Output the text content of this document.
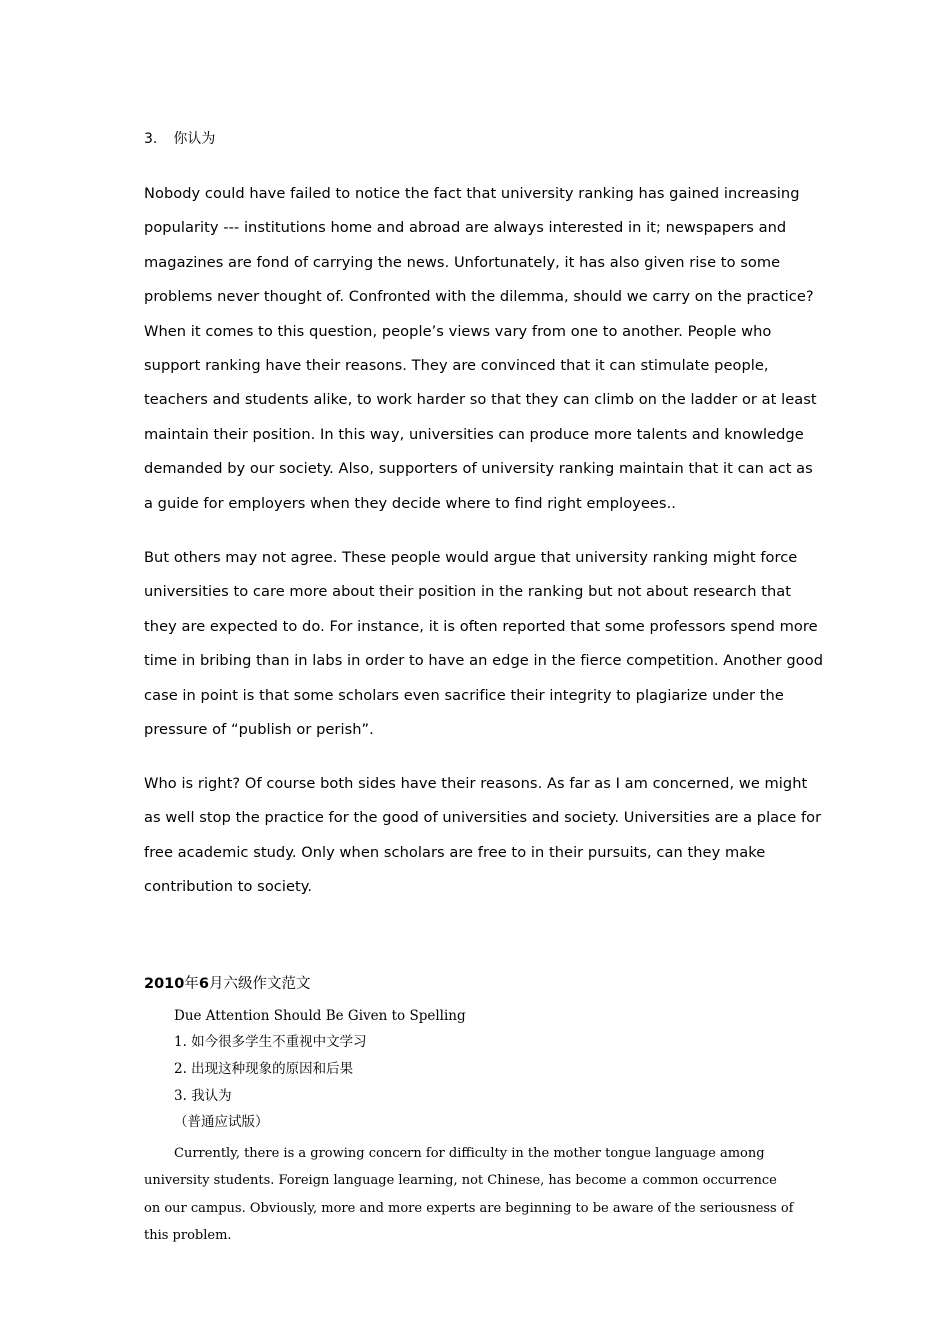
3. 你认为

Nobody could have failed to notice the fact that university ranking has gained increasing popularity --- institutions home and abroad are always interested in it; newspapers and magazines are fond of carrying the news. Unfortunately, it has also given rise to some problems never thought of. Confronted with the dilemma, should we carry on the practice? When it comes to this question, people’s views vary from one to another. People who support ranking have their reasons. They are convinced that it can stimulate people, teachers and students alike, to work harder so that they can climb on the ladder or at least maintain their position. In this way, universities can produce more talents and knowledge demanded by our society. Also, supporters of university ranking maintain that it can act as a guide for employers when they decide where to find right employees..

But others may not agree. These people would argue that university ranking might force universities to care more about their position in the ranking but not about research that they are expected to do. For instance, it is often reported that some professors spend more time in bribing than in labs in order to have an edge in the fierce competition. Another good case in point is that some scholars even sacrifice their integrity to plagiarize under the pressure of “publish or perish”.

Who is right? Of course both sides have their reasons. As far as I am concerned, we might as well stop the practice for the good of universities and society. Universities are a place for free academic study. Only when scholars are free to in their pursuits, can they make contribution to society.

2010年6月六级作文范文
Due Attention Should Be Given to Spelling
1. 如今很多学生不重视中文学习
2. 出现这种现象的原因和后果
3. 我认为
（普通应试版）

Currently, there is a growing concern for difficulty in the mother tongue language among university students. Foreign language learning, not Chinese, has become a common occurrence on our campus. Obviously, more and more experts are beginning to be aware of the seriousness of this problem.
